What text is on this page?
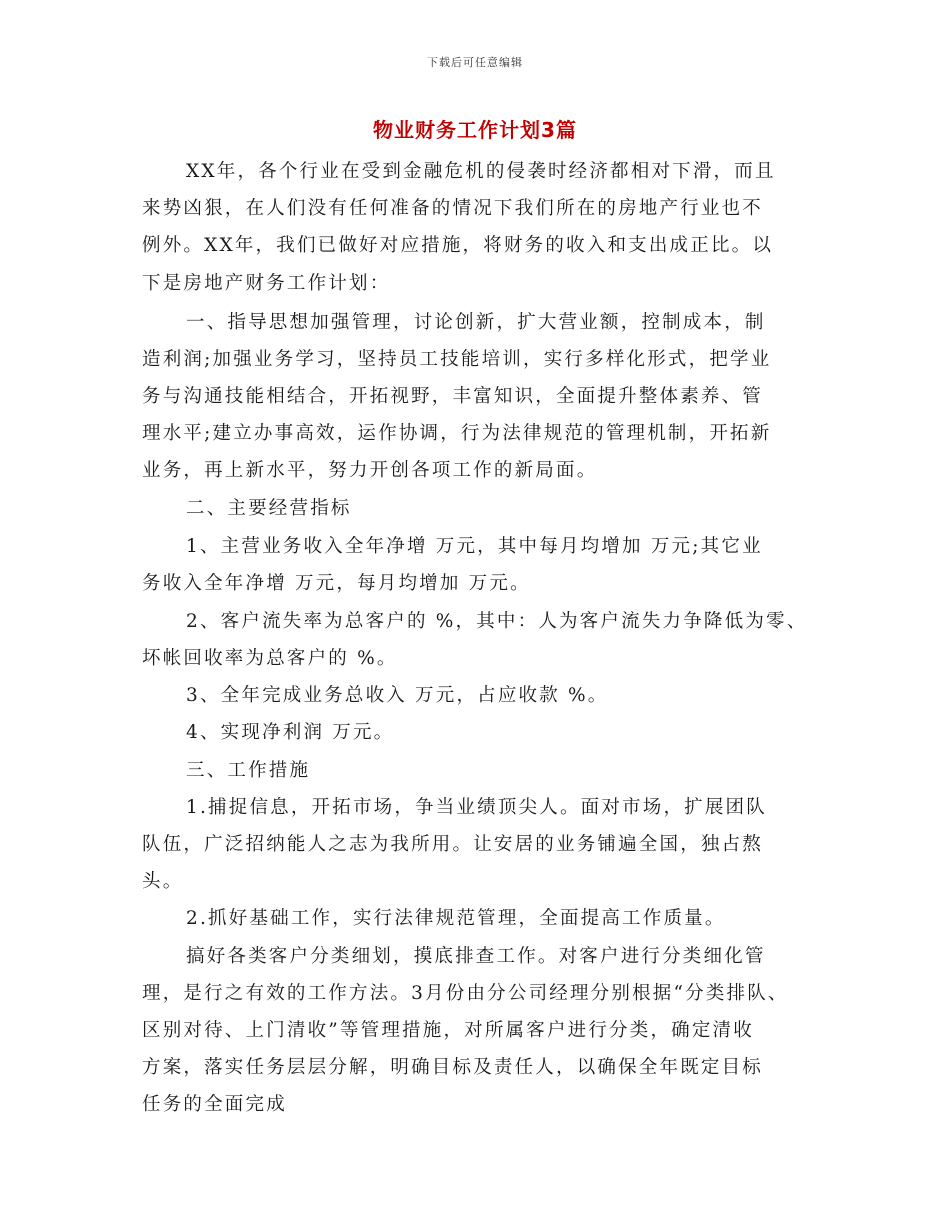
下载后可任意编辑
物业财务工作计划3篇
XX年，各个行业在受到金融危机的侵袭时经济都相对下滑，而且
来势凶狠，在人们没有任何准备的情况下我们所在的房地产行业也不
例外。XX年，我们已做好对应措施，将财务的收入和支出成正比。以
下是房地产财务工作计划：
一、指导思想加强管理，讨论创新，扩大营业额，控制成本，制
造利润;加强业务学习，坚持员工技能培训，实行多样化形式，把学业
务与沟通技能相结合，开拓视野，丰富知识，全面提升整体素养、管
理水平;建立办事高效，运作协调，行为法律规范的管理机制，开拓新
业务，再上新水平，努力开创各项工作的新局面。
二、主要经营指标
1、主营业务收入全年净增 万元，其中每月均增加 万元;其它业
务收入全年净增 万元，每月均增加 万元。
2、客户流失率为总客户的 %，其中：人为客户流失力争降低为零、
坏帐回收率为总客户的 %。
3、全年完成业务总收入 万元，占应收款 %。
4、实现净利润 万元。
三、工作措施
1.捕捉信息，开拓市场，争当业绩顶尖人。面对市场，扩展团队
队伍，广泛招纳能人之志为我所用。让安居的业务铺遍全国，独占熬
头。
2.抓好基础工作，实行法律规范管理，全面提高工作质量。
搞好各类客户分类细划，摸底排查工作。对客户进行分类细化管
理，是行之有效的工作方法。3月份由分公司经理分别根据“分类排队、
区别对待、上门清收”等管理措施，对所属客户进行分类，确定清收
方案，落实任务层层分解，明确目标及责任人，以确保全年既定目标
任务的全面完成
